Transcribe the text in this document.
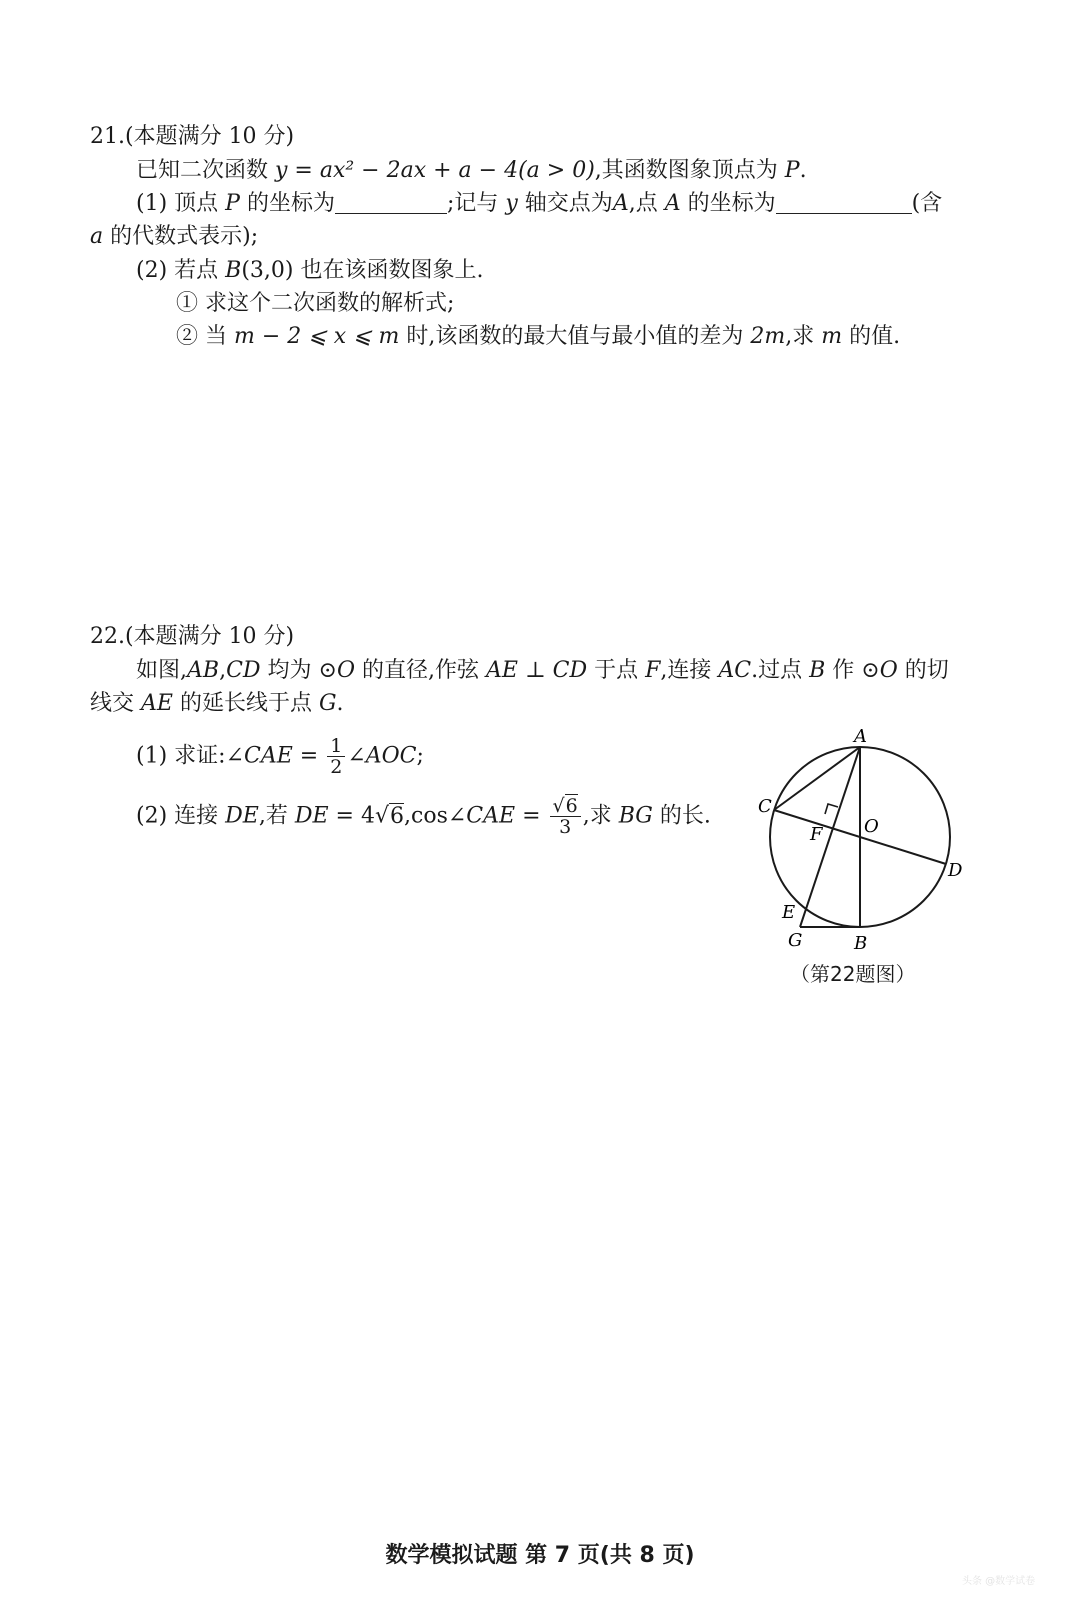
21.(本题满分 10 分)
已知二次函数 y = ax² − 2ax + a − 4(a > 0),其函数图象顶点为 P.
(1) 顶点 P 的坐标为	;记与 y 轴交点为A,点 A 的坐标为	(含
a 的代数式表示);
(2) 若点 B(3,0) 也在该函数图象上.
① 求这个二次函数的解析式;
② 当 m − 2 ⩽ x ⩽ m 时,该函数的最大值与最小值的差为 2m,求 m 的值.
22.(本题满分 10 分)
如图,AB,CD 均为 ⊙O 的直径,作弦 AE ⊥ CD 于点 F,连接 AC.过点 B 作 ⊙O 的切
线交 AE 的延长线于点 G.
(1) 求证:∠CAE = $\frac{1}{2}$ ∠AOC;
(2) 连接 DE,若 DE = 4√6,cos∠CAE = $\frac{√6}{3}$ ,求 BG 的长.
A
B
C
D
E
F
G
O
（第22题图）
数学模拟试题 第 7 页(共 8 页)
头条 @数学试卷
